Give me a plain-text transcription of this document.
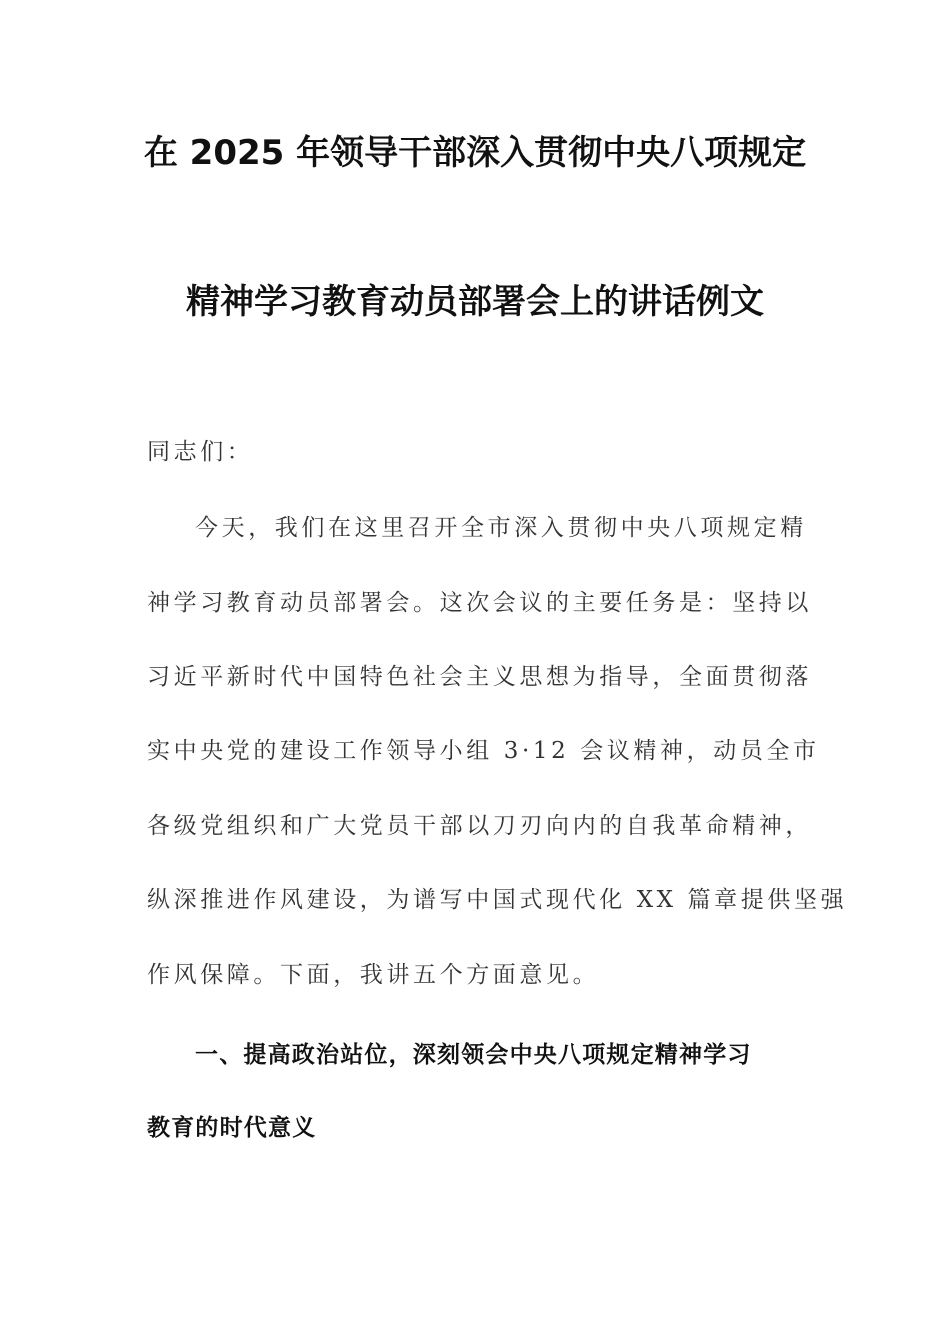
在 2025 年领导干部深入贯彻中央八项规定
精神学习教育动员部署会上的讲话例文
同志们：
今天，我们在这里召开全市深入贯彻中央八项规定精
神学习教育动员部署会。这次会议的主要任务是：坚持以
习近平新时代中国特色社会主义思想为指导，全面贯彻落
实中央党的建设工作领导小组 3·12 会议精神，动员全市
各级党组织和广大党员干部以刀刃向内的自我革命精神，
纵深推进作风建设，为谱写中国式现代化 XX 篇章提供坚强
作风保障。下面，我讲五个方面意见。
一、提高政治站位，深刻领会中央八项规定精神学习
教育的时代意义
